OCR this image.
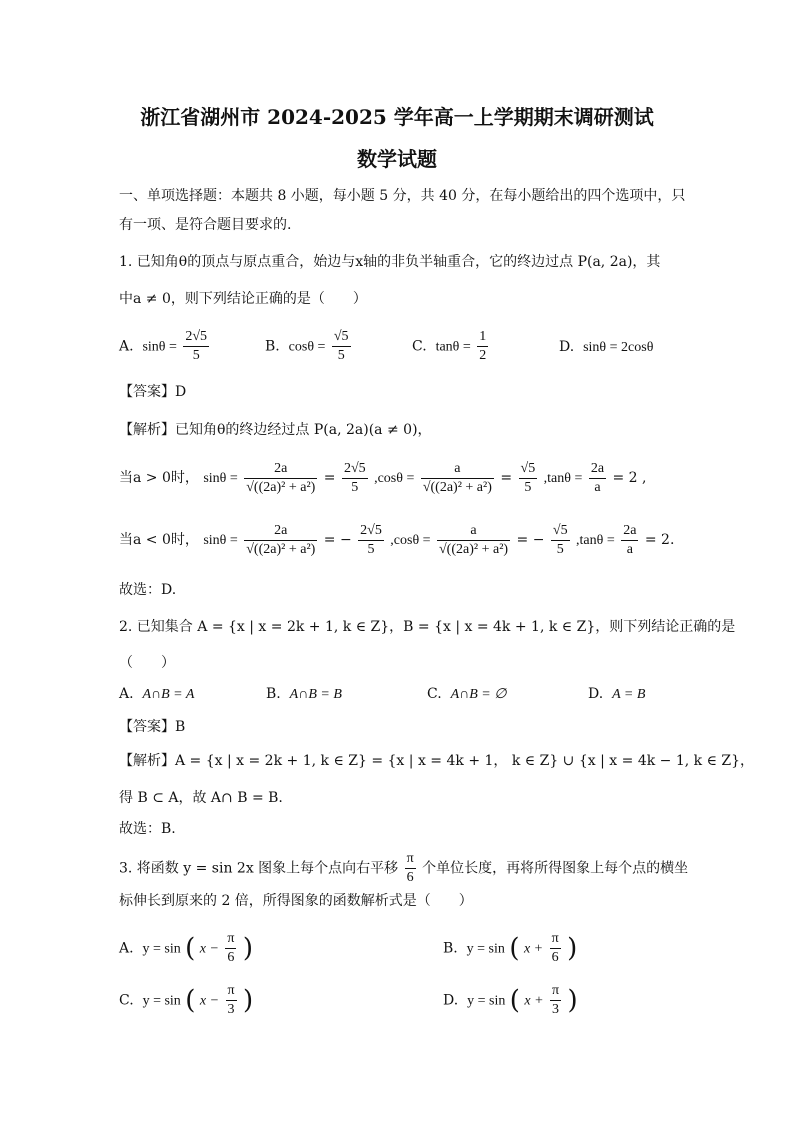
浙江省湖州市 2024-2025 学年高一上学期期末调研测试
数学试题
一、单项选择题：本题共 8 小题，每小题 5 分，共 40 分，在每小题给出的四个选项中，只
有一项、是符合题目要求的.
1. 已知角θ的顶点与原点重合，始边与x轴的非负半轴重合，它的终边过点 P(a, 2a)，其
中a ≠ 0，则下列结论正确的是（　　）
A. $\sin\theta = \frac{2√5}{5}$	B. $\cos\theta = \frac{√5}{5}$	C. $\tan\theta = \frac{1}{2}$	D. sinθ = 2cosθ
【答案】D
【解析】已知角θ的终边经过点 P(a, 2a)(a ≠ 0)，
当a > 0时， $\sin\theta = \frac{2a}{\text{√((2a)² + a²)}} = \frac{2√5}{5} ,\cos\theta = \frac{a}{\text{√((2a)² + a²)}} = \frac{√5}{5} ,\tan\theta = \frac{2a}{a} = 2$ ,
当a < 0时， $\sin\theta = \frac{2a}{\text{√((2a)² + a²)}}$ = − $\frac{2√5}{5} ,\cos\theta = \frac{a}{\text{√((2a)² + a²)}}$ = − $\frac{√5}{5} ,\tan\theta = \frac{2a}{a} = 2$.
故选：D.
2. 已知集合 A = {x | x = 2k + 1, k ∈ Z}，B = {x | x = 4k + 1, k ∈ Z}，则下列结论正确的是
（　　）
A. A∩B = A	B. A∩B = B	C. A∩B = ∅	D. A = B
【答案】B
【解析】A = {x | x = 2k + 1, k ∈ Z} = {x | x = 4k + 1， k ∈ Z} ∪ {x | x = 4k − 1, k ∈ Z}，
得 B ⊂ A，故 A∩ B = B.
故选：B.
3. 将函数 y = sin 2x 图象上每个点向右平移 $\frac{\pi}{6}$ 个单位长度，再将所得图象上每个点的横坐
标伸长到原来的 2 倍，所得图象的函数解析式是（　　）
A. y = sin ( $x - \frac{\pi}{6}$ )	B. y = sin ( $x + \frac{\pi}{6}$ )
C. y = sin ( $x - \frac{\pi}{3}$ )	D. y = sin ( $x + \frac{\pi}{3}$ )
